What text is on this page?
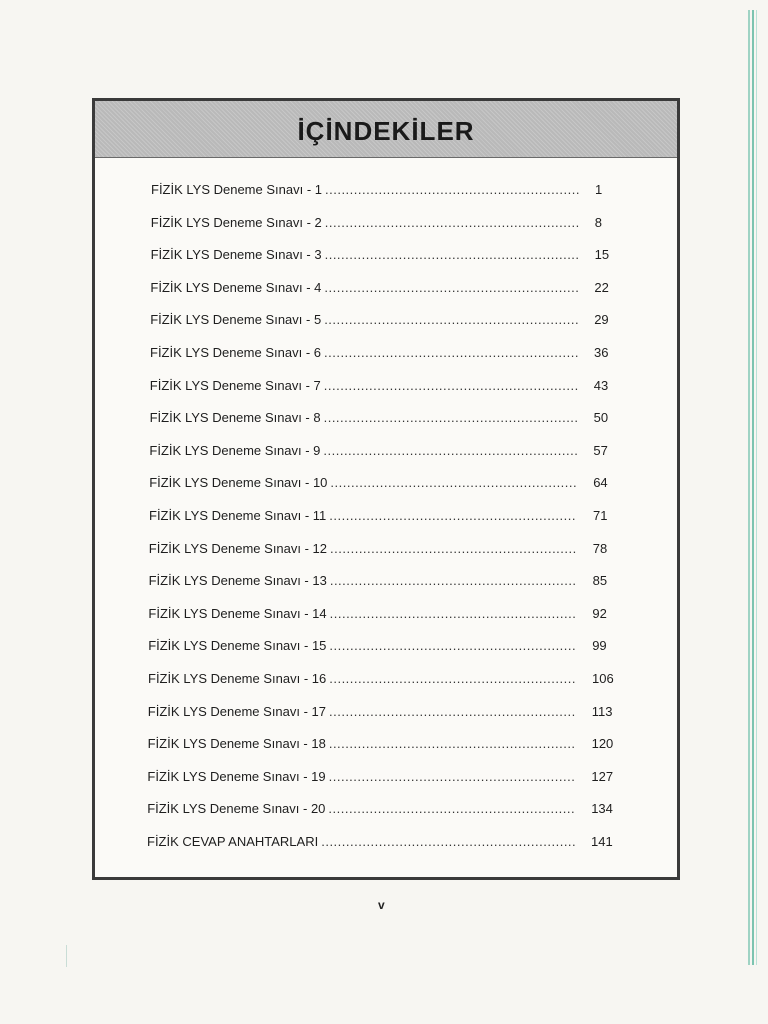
İÇİNDEKİLER
FİZİK LYS Deneme Sınavı - 1 .....	1
FİZİK LYS Deneme Sınavı - 2 .....	8
FİZİK LYS Deneme Sınavı - 3 .....	15
FİZİK LYS Deneme Sınavı - 4 .....	22
FİZİK LYS Deneme Sınavı - 5 .....	29
FİZİK LYS Deneme Sınavı - 6 .....	36
FİZİK LYS Deneme Sınavı - 7 .....	43
FİZİK LYS Deneme Sınavı - 8 .....	50
FİZİK LYS Deneme Sınavı - 9 .....	57
FİZİK LYS Deneme Sınavı - 10 .....	64
FİZİK LYS Deneme Sınavı - 11 .....	71
FİZİK LYS Deneme Sınavı - 12 .....	78
FİZİK LYS Deneme Sınavı - 13 .....	85
FİZİK LYS Deneme Sınavı - 14 .....	92
FİZİK LYS Deneme Sınavı - 15 .....	99
FİZİK LYS Deneme Sınavı - 16 .....	106
FİZİK LYS Deneme Sınavı - 17 .....	113
FİZİK LYS Deneme Sınavı - 18 .....	120
FİZİK LYS Deneme Sınavı - 19 .....	127
FİZİK LYS Deneme Sınavı - 20 .....	134
FİZİK CEVAP ANAHTARLARI .....	141
v
